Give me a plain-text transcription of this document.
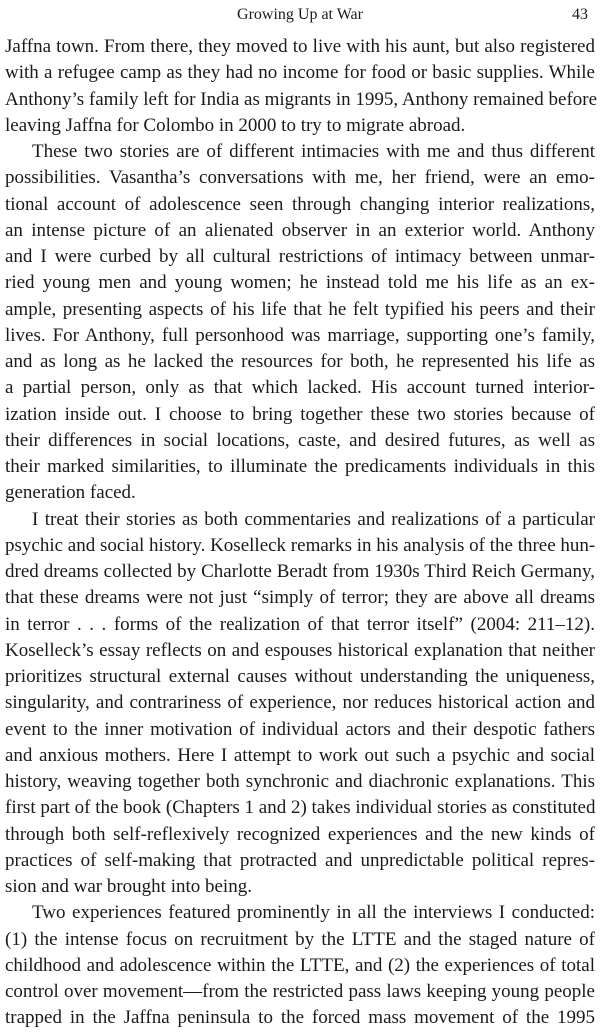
Growing Up at War	43
Jaffna town. From there, they moved to live with his aunt, but also registered
with a refugee camp as they had no income for food or basic supplies. While
Anthony’s family left for India as migrants in 1995, Anthony remained before
leaving Jaffna for Colombo in 2000 to try to migrate abroad.
These two stories are of different intimacies with me and thus different
possibilities. Vasantha’s conversations with me, her friend, were an emo-
tional account of adolescence seen through changing interior realizations,
an intense picture of an alienated observer in an exterior world. Anthony
and I were curbed by all cultural restrictions of intimacy between unmar-
ried young men and young women; he instead told me his life as an ex-
ample, presenting aspects of his life that he felt typified his peers and their
lives. For Anthony, full personhood was marriage, supporting one’s family,
and as long as he lacked the resources for both, he represented his life as
a partial person, only as that which lacked. His account turned interior-
ization inside out. I choose to bring together these two stories because of
their differences in social locations, caste, and desired futures, as well as
their marked similarities, to illuminate the predicaments individuals in this
generation faced.
I treat their stories as both commentaries and realizations of a particular
psychic and social history. Koselleck remarks in his analysis of the three hun-
dred dreams collected by Charlotte Beradt from 1930s Third Reich Germany,
that these dreams were not just “simply of terror; they are above all dreams
in terror . . . forms of the realization of that terror itself” (2004: 211–12).
Koselleck’s essay reflects on and espouses historical explanation that neither
prioritizes structural external causes without understanding the uniqueness,
singularity, and contrariness of experience, nor reduces historical action and
event to the inner motivation of individual actors and their despotic fathers
and anxious mothers. Here I attempt to work out such a psychic and social
history, weaving together both synchronic and diachronic explanations. This
first part of the book (Chapters 1 and 2) takes individual stories as constituted
through both self-reflexively recognized experiences and the new kinds of
practices of self-making that protracted and unpredictable political repres-
sion and war brought into being.
Two experiences featured prominently in all the interviews I conducted:
(1) the intense focus on recruitment by the LTTE and the staged nature of
childhood and adolescence within the LTTE, and (2) the experiences of total
control over movement—from the restricted pass laws keeping young people
trapped in the Jaffna peninsula to the forced mass movement of the 1995
